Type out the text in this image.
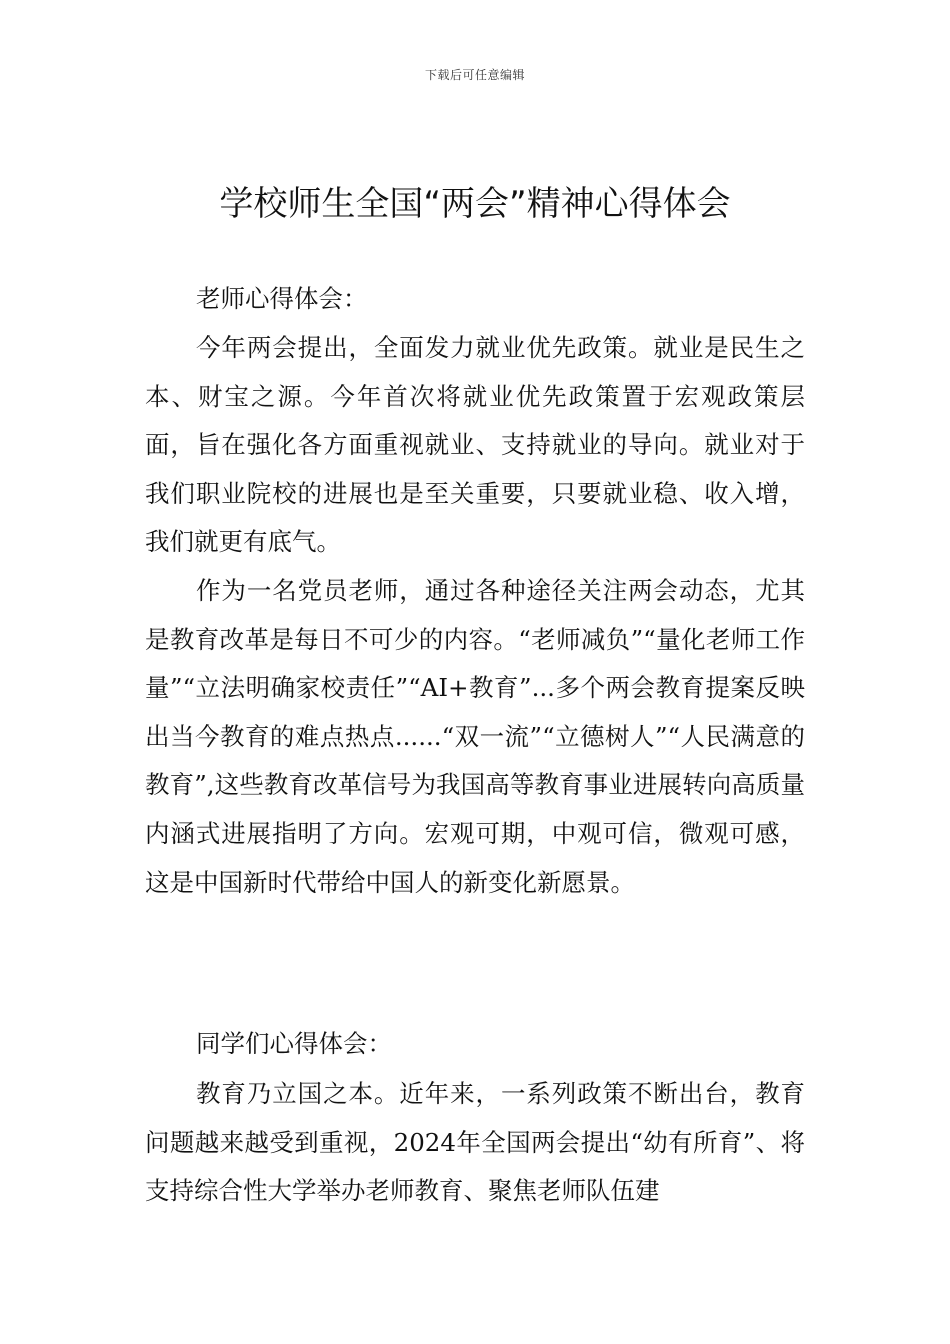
下载后可任意编辑
学校师生全国“两会”精神心得体会
老师心得体会：

今年两会提出，全面发力就业优先政策。就业是民生之本、财宝之源。今年首次将就业优先政策置于宏观政策层面，旨在强化各方面重视就业、支持就业的导向。就业对于我们职业院校的进展也是至关重要，只要就业稳、收入增，我们就更有底气。

作为一名党员老师，通过各种途径关注两会动态，尤其是教育改革是每日不可少的内容。“老师减负”“量化老师工作量”“立法明确家校责任”“AI+教育”...多个两会教育提案反映出当今教育的难点热点......“双一流”“立德树人”“人民满意的教育”,这些教育改革信号为我国高等教育事业进展转向高质量内涵式进展指明了方向。宏观可期，中观可信，微观可感，这是中国新时代带给中国人的新变化新愿景。

同学们心得体会：

教育乃立国之本。近年来，一系列政策不断出台，教育问题越来越受到重视，2024年全国两会提出“幼有所育”、将支持综合性大学举办老师教育、聚焦老师队伍建
